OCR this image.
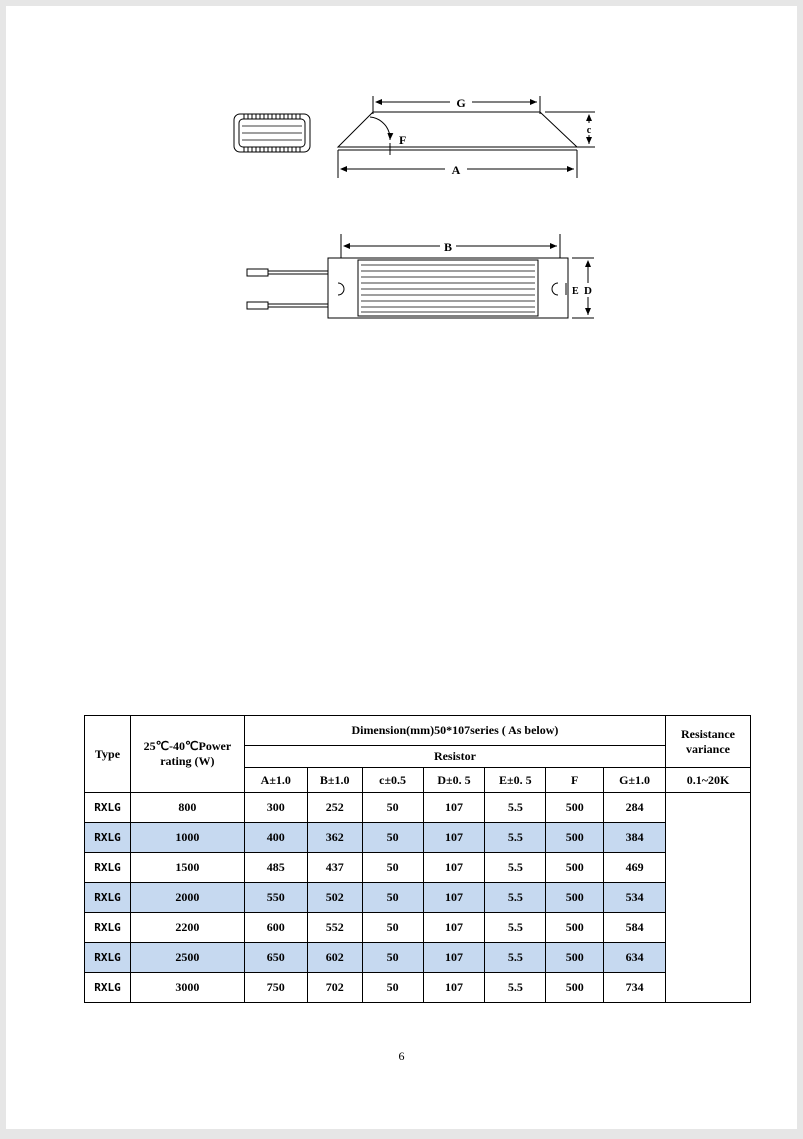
G
A
c
F
B
D
E
Type	25℃-40℃Power rating (W)	Dimension(mm)50*107series ( As below)							Resistance variance
		Resistor							
		A±1.0	B±1.0	c±0.5	D±0. 5	E±0. 5	F	G±1.0	0.1~20K
RXLG	800	300	252	50	107	5.5	500	284	
RXLG	1000	400	362	50	107	5.5	500	384	
RXLG	1500	485	437	50	107	5.5	500	469	
RXLG	2000	550	502	50	107	5.5	500	534	
RXLG	2200	600	552	50	107	5.5	500	584	
RXLG	2500	650	602	50	107	5.5	500	634	
RXLG	3000	750	702	50	107	5.5	500	734	
6
